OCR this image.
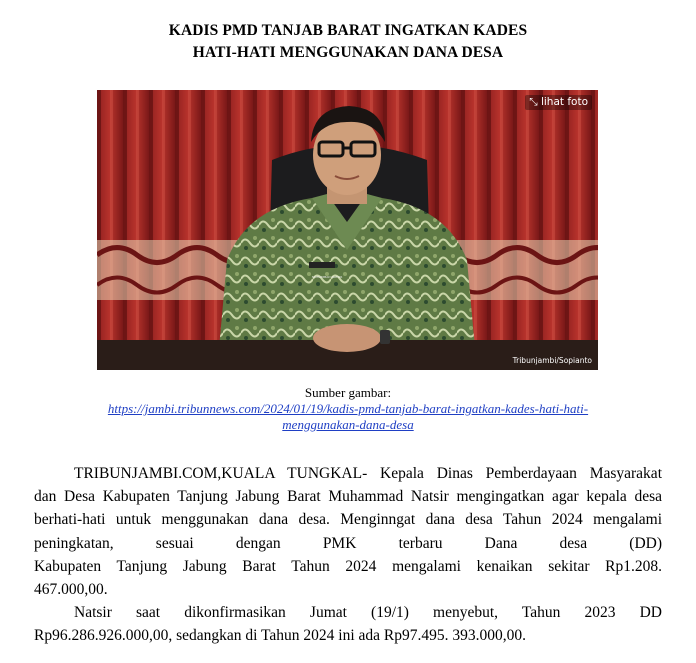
KADIS PMD TANJAB BARAT INGATKAN KADES
HATI-HATI MENGGUNAKAN DANA DESA
⤡ lihat foto
Tribunjambi/Sopianto
MUHAMMAD NATSIR
Sumber gambar:
https://jambi.tribunnews.com/2024/01/19/kadis-pmd-tanjab-barat-ingatkan-kades-hati-hati-
menggunakan-dana-desa

TRIBUNJAMBI.COM,KUALA TUNGKAL- Kepala Dinas Pemberdayaan Masyarakat

dan Desa Kabupaten Tanjung Jabung Barat Muhammad Natsir mengingatkan agar kepala desa

berhati-hati untuk menggunakan dana desa. Menginngat dana desa Tahun 2024 mengalami

peningkatan, sesuai dengan PMK terbaru Dana desa (DD)

Kabupaten Tanjung Jabung Barat Tahun 2024 mengalami kenaikan sekitar Rp1.208.

467.000,00.

Natsir saat dikonfirmasikan Jumat (19/1) menyebut, Tahun 2023 DD

Rp96.286.926.000,00, sedangkan di Tahun 2024 ini ada Rp97.495. 393.000,00.
